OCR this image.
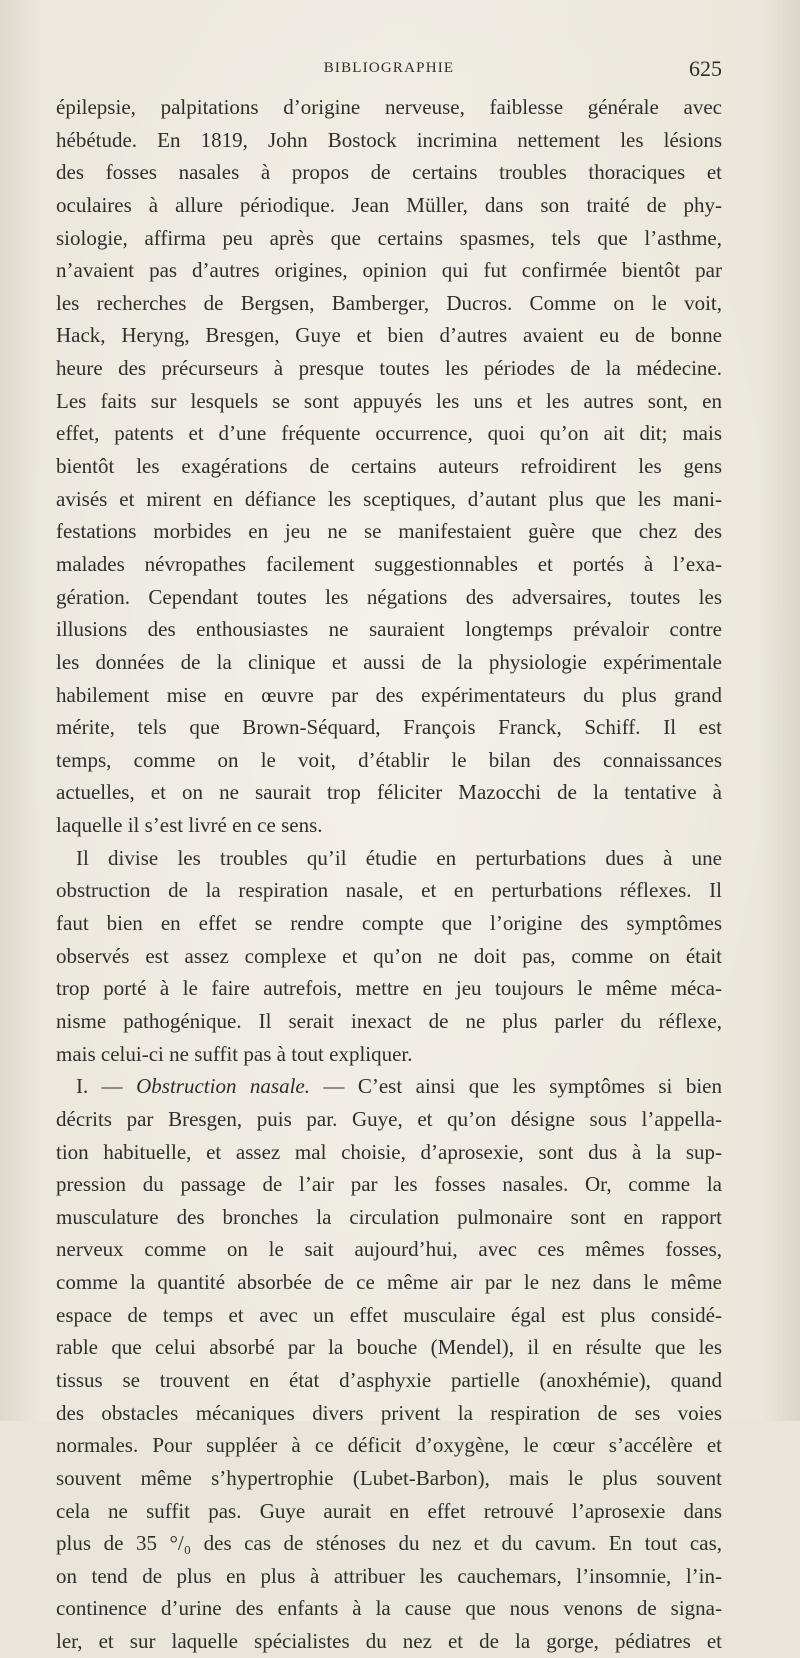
BIBLIOGRAPHIE	625
épilepsie, palpitations d’origine nerveuse, faiblesse générale avec
hébétude. En 1819, John Bostock incrimina nettement les lésions
des fosses nasales à propos de certains troubles thoraciques et
oculaires à allure périodique. Jean Müller, dans son traité de phy-
siologie, affirma peu après que certains spasmes, tels que l’asthme,
n’avaient pas d’autres origines, opinion qui fut confirmée bientôt par
les recherches de Bergsen, Bamberger, Ducros. Comme on le voit,
Hack, Heryng, Bresgen, Guye et bien d’autres avaient eu de bonne
heure des précurseurs à presque toutes les périodes de la médecine.
Les faits sur lesquels se sont appuyés les uns et les autres sont, en
effet, patents et d’une fréquente occurrence, quoi qu’on ait dit; mais
bientôt les exagérations de certains auteurs refroidirent les gens
avisés et mirent en défiance les sceptiques, d’autant plus que les mani-
festations morbides en jeu ne se manifestaient guère que chez des
malades névropathes facilement suggestionnables et portés à l’exa-
gération. Cependant toutes les négations des adversaires, toutes les
illusions des enthousiastes ne sauraient longtemps prévaloir contre
les données de la clinique et aussi de la physiologie expérimentale
habilement mise en œuvre par des expérimentateurs du plus grand
mérite, tels que Brown-Séquard, François Franck, Schiff. Il est
temps, comme on le voit, d’établir le bilan des connaissances
actuelles, et on ne saurait trop féliciter Mazocchi de la tentative à
laquelle il s’est livré en ce sens.
Il divise les troubles qu’il étudie en perturbations dues à une
obstruction de la respiration nasale, et en perturbations réflexes. Il
faut bien en effet se rendre compte que l’origine des symptômes
observés est assez complexe et qu’on ne doit pas, comme on était
trop porté à le faire autrefois, mettre en jeu toujours le même méca-
nisme pathogénique. Il serait inexact de ne plus parler du réflexe,
mais celui-ci ne suffit pas à tout expliquer.
I. — Obstruction nasale. — C’est ainsi que les symptômes si bien
décrits par Bresgen, puis par. Guye, et qu’on désigne sous l’appella-
tion habituelle, et assez mal choisie, d’aprosexie, sont dus à la sup-
pression du passage de l’air par les fosses nasales. Or, comme la
musculature des bronches la circulation pulmonaire sont en rapport
nerveux comme on le sait aujourd’hui, avec ces mêmes fosses,
comme la quantité absorbée de ce même air par le nez dans le même
espace de temps et avec un effet musculaire égal est plus considé-
rable que celui absorbé par la bouche (Mendel), il en résulte que les
tissus se trouvent en état d’asphyxie partielle (anoxhémie), quand
des obstacles mécaniques divers privent la respiration de ses voies
normales. Pour suppléer à ce déficit d’oxygène, le cœur s’accélère et
souvent même s’hypertrophie (Lubet-Barbon), mais le plus souvent
cela ne suffit pas. Guye aurait en effet retrouvé l’aprosexie dans
plus de 35 °/₀ des cas de sténoses du nez et du cavum. En tout cas,
on tend de plus en plus à attribuer les cauchemars, l’insomnie, l’in-
continence d’urine des enfants à la cause que nous venons de signa-
ler, et sur laquelle spécialistes du nez et de la gorge, pédiatres et
